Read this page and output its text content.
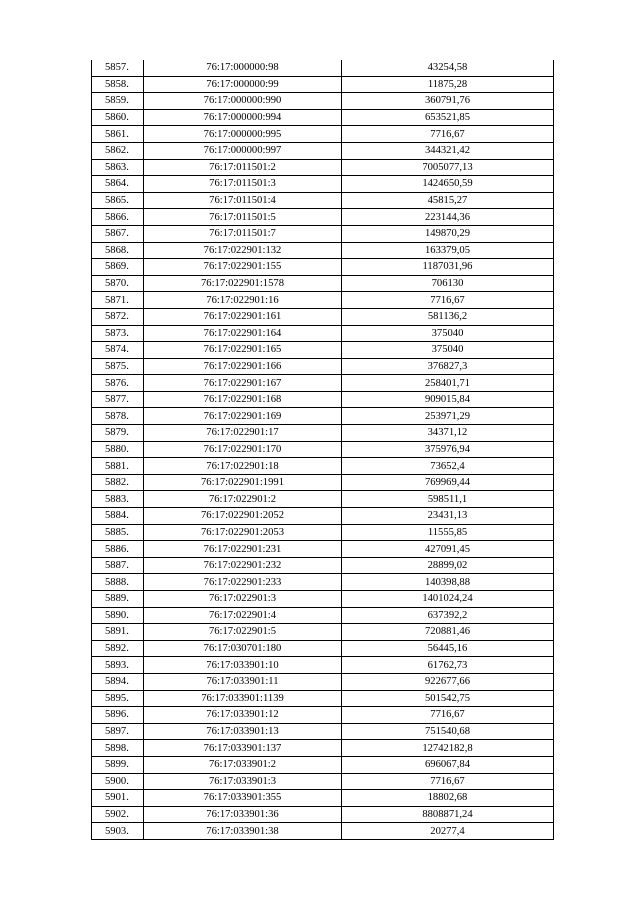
5857.	76:17:000000:98	43254,58
5858.	76:17:000000:99	11875,28
5859.	76:17:000000:990	360791,76
5860.	76:17:000000:994	653521,85
5861.	76:17:000000:995	7716,67
5862.	76:17:000000:997	344321,42
5863.	76:17:011501:2	7005077,13
5864.	76:17:011501:3	1424650,59
5865.	76:17:011501:4	45815,27
5866.	76:17:011501:5	223144,36
5867.	76:17:011501:7	149870,29
5868.	76:17:022901:132	163379,05
5869.	76:17:022901:155	1187031,96
5870.	76:17:022901:1578	706130
5871.	76:17:022901:16	7716,67
5872.	76:17:022901:161	581136,2
5873.	76:17:022901:164	375040
5874.	76:17:022901:165	375040
5875.	76:17:022901:166	376827,3
5876.	76:17:022901:167	258401,71
5877.	76:17:022901:168	909015,84
5878.	76:17:022901:169	253971,29
5879.	76:17:022901:17	34371,12
5880.	76:17:022901:170	375976,94
5881.	76:17:022901:18	73652,4
5882.	76:17:022901:1991	769969,44
5883.	76:17:022901:2	598511,1
5884.	76:17:022901:2052	23431,13
5885.	76:17:022901:2053	11555,85
5886.	76:17:022901:231	427091,45
5887.	76:17:022901:232	28899,02
5888.	76:17:022901:233	140398,88
5889.	76:17:022901:3	1401024,24
5890.	76:17:022901:4	637392,2
5891.	76:17:022901:5	720881,46
5892.	76:17:030701:180	56445,16
5893.	76:17:033901:10	61762,73
5894.	76:17:033901:11	922677,66
5895.	76:17:033901:1139	501542,75
5896.	76:17:033901:12	7716,67
5897.	76:17:033901:13	751540,68
5898.	76:17:033901:137	12742182,8
5899.	76:17:033901:2	696067,84
5900.	76:17:033901:3	7716,67
5901.	76:17:033901:355	18802,68
5902.	76:17:033901:36	8808871,24
5903.	76:17:033901:38	20277,4
